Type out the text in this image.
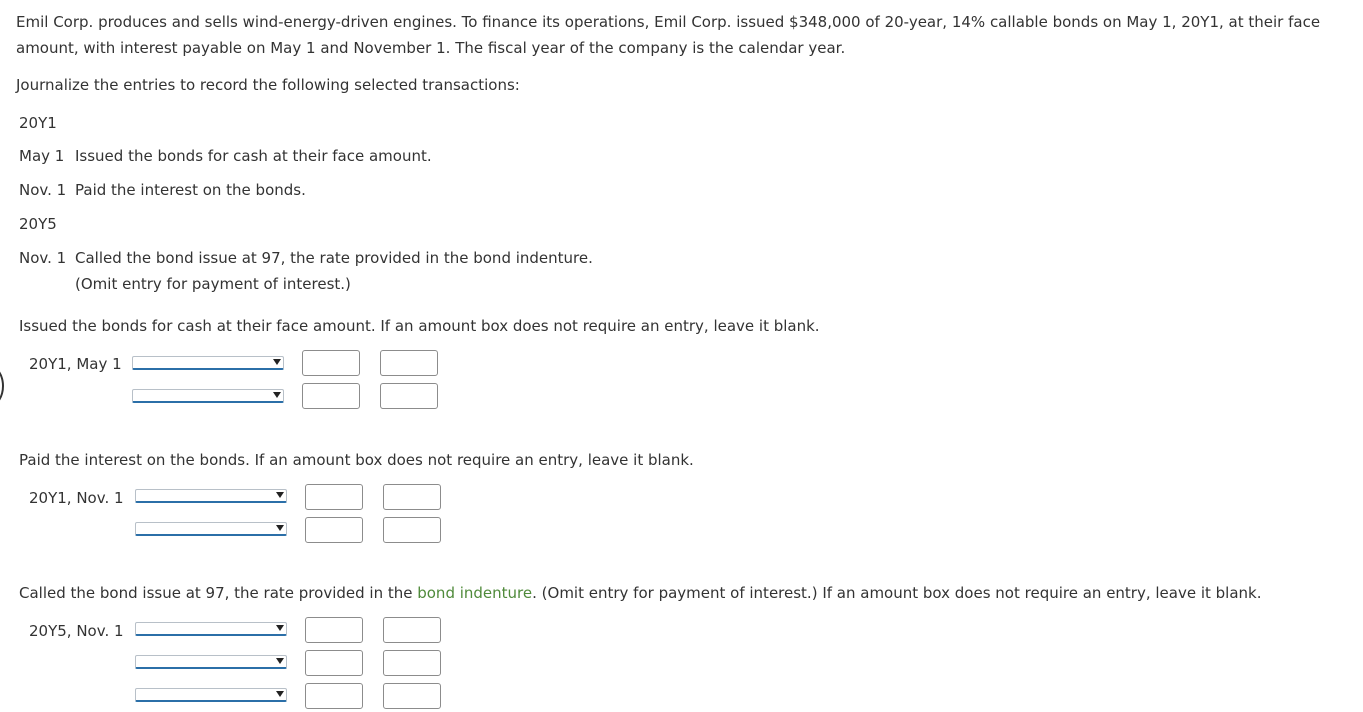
Emil Corp. produces and sells wind-energy-driven engines. To finance its operations, Emil Corp. issued $348,000 of 20-year, 14% callable bonds on May 1, 20Y1, at their face amount, with interest payable on May 1 and November 1. The fiscal year of the company is the calendar year.
Journalize the entries to record the following selected transactions:
20Y1
May 1 Issued the bonds for cash at their face amount.
Nov. 1 Paid the interest on the bonds.
20Y5
Nov. 1 Called the bond issue at 97, the rate provided in the bond indenture.
(Omit entry for payment of interest.)
Issued the bonds for cash at their face amount. If an amount box does not require an entry, leave it blank.
20Y1, May 1
Paid the interest on the bonds. If an amount box does not require an entry, leave it blank.
20Y1, Nov. 1
Called the bond issue at 97, the rate provided in the bond indenture. (Omit entry for payment of interest.) If an amount box does not require an entry, leave it blank.
20Y5, Nov. 1
